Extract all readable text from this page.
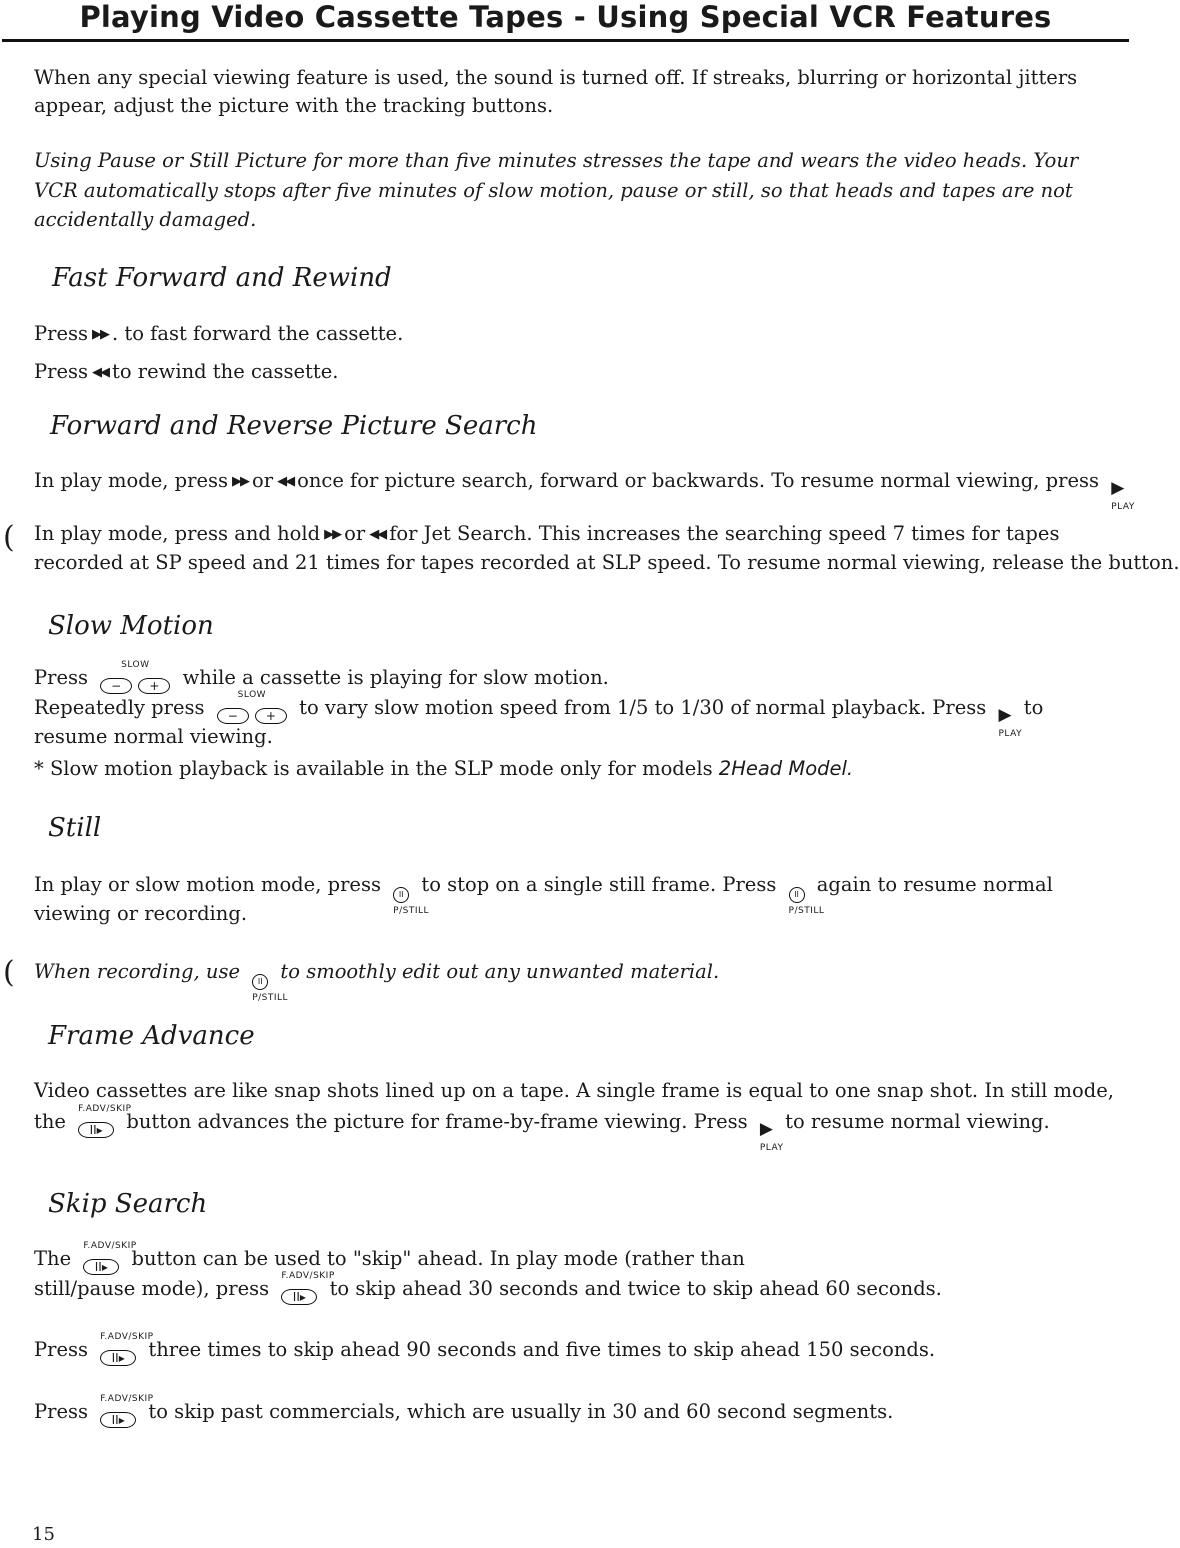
Playing Video Cassette Tapes - Using Special VCR Features
When any special viewing feature is used, the sound is turned off. If streaks, blurring or horizontal jitters
appear, adjust the picture with the tracking buttons.
Using Pause or Still Picture for more than five minutes stresses the tape and wears the video heads. Your
VCR automatically stops after five minutes of slow motion, pause or still, so that heads and tapes are not
accidentally damaged.
Fast Forward and Rewind
Press ▶▶ . to fast forward the cassette.
Press ◀◀ to rewind the cassette.
Forward and Reverse Picture Search
In play mode, press ▶▶ or ◀◀ once for picture search, forward or backwards. To resume normal viewing, press ▶
PLAY
( In play mode, press and hold ▶▶ or ◀◀ for Jet Search. This increases the searching speed 7 times for tapes
recorded at SP speed and 21 times for tapes recorded at SLP speed. To resume normal viewing, release the button.
Slow Motion
Press
SLOW
− + while a cassette is playing for slow motion.
Repeatedly press
SLOW
− + to vary slow motion speed from 1/5 to 1/30 of normal playback. Press ▶
PLAY
to
resume normal viewing.
* Slow motion playback is available in the SLP mode only for models 2Head Model.
Still
In play or slow motion mode, press II
P/STILL
to stop on a single still frame. Press II
P/STILL
again to resume normal
viewing or recording.
( When recording, use II
P/STILL
to smoothly edit out any unwanted material.
Frame Advance
Video cassettes are like snap shots lined up on a tape. A single frame is equal to one snap shot. In still mode,
the
F.ADV/SKIP
II▸ button advances the picture for frame-by-frame viewing. Press ▶
PLAY
to resume normal viewing.
Skip Search
The
F.ADV/SKIP
II▸ button can be used to "skip" ahead. In play mode (rather than
still/pause mode), press
F.ADV/SKIP
II▸ to skip ahead 30 seconds and twice to skip ahead 60 seconds.
Press
F.ADV/SKIP
II▸ three times to skip ahead 90 seconds and five times to skip ahead 150 seconds.
Press
F.ADV/SKIP
II▸ to skip past commercials, which are usually in 30 and 60 second segments.
15
